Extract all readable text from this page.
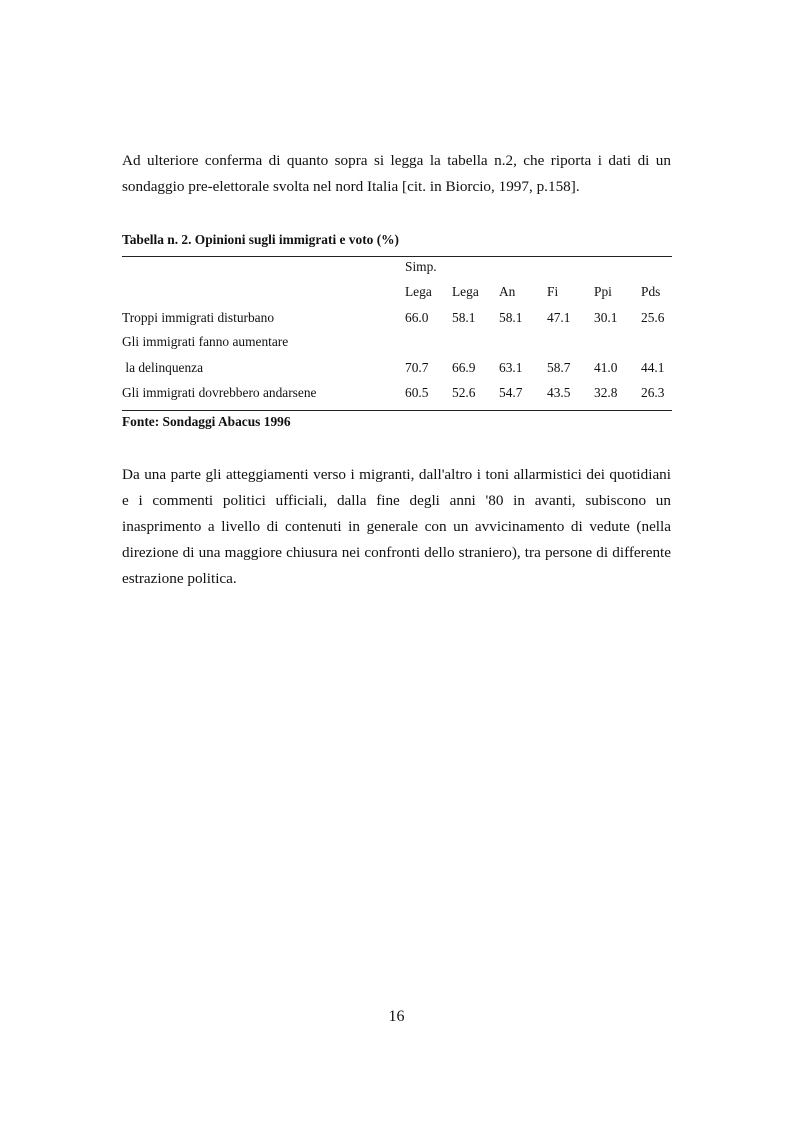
Ad ulteriore conferma di quanto sopra si legga la tabella n.2, che riporta i dati di un sondaggio pre-elettorale svolta nel nord Italia [cit. in Biorcio, 1997, p.158].

Tabella n. 2. Opinioni sugli immigrati e voto (%)

Simp.
Lega Lega An Fi	Ppi Pds
Troppi immigrati disturbano	66.0 58.1 58.1 47.1 30.1 25.6
Gli immigrati fanno aumentare
la delinquenza	70.7 66.9 63.1 58.7 41.0 44.1
Gli immigrati dovrebbero andarsene	60.5 52.6 54.7 43.5 32.8 26.3

Fonte: Sondaggi Abacus 1996

Da una parte gli atteggiamenti verso i migranti, dall'altro i toni allarmistici dei quotidiani e i commenti politici ufficiali, dalla fine degli anni '80 in avanti, subiscono un inasprimento a livello di contenuti in generale con un avvicinamento di vedute (nella direzione di una maggiore chiusura nei confronti dello straniero), tra persone di differente estrazione politica.

16
